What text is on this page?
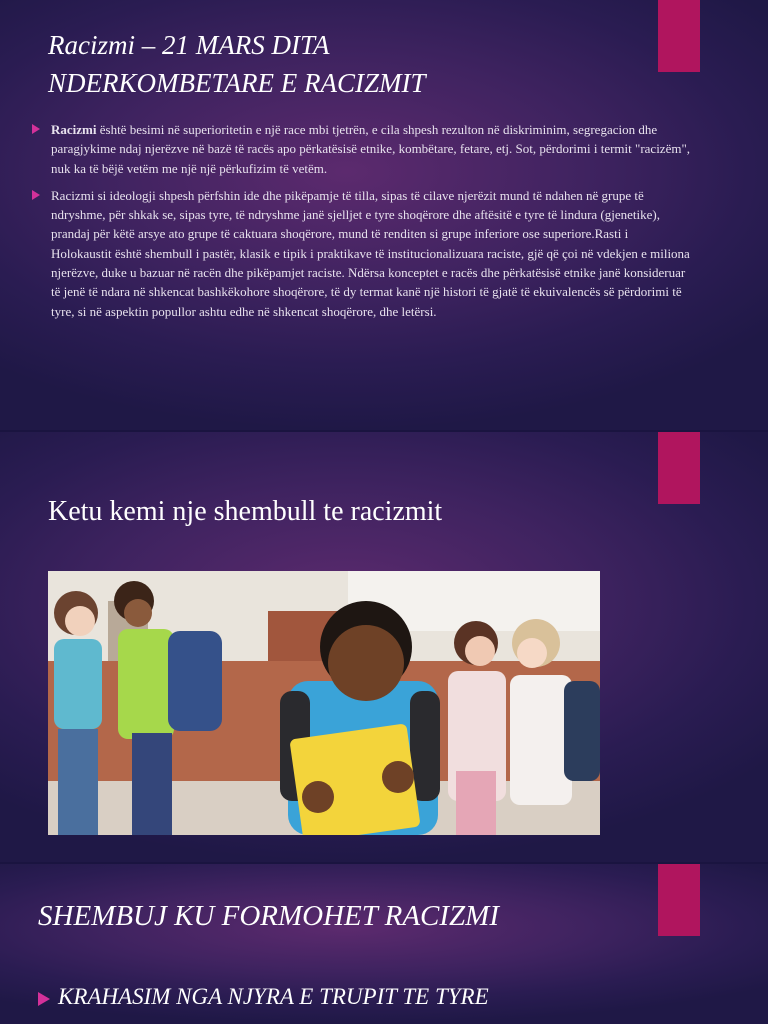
Racizmi – 21 MARS DITA
NDERKOMBETARE E RACIZMIT
Racizmi është besimi në superioritetin e një race mbi tjetrën, e cila shpesh rezulton në diskriminim, segregacion dhe paragjykime ndaj njerëzve në bazë të racës apo përkatësisë etnike, kombëtare, fetare, etj. Sot, përdorimi i termit "racizëm", nuk ka të bëjë vetëm me një një përkufizim të vetëm.
Racizmi si ideologji shpesh përfshin ide dhe pikëpamje të tilla, sipas të cilave njerëzit mund të ndahen në grupe të ndryshme, për shkak se, sipas tyre, të ndryshme janë sjelljet e tyre shoqërore dhe aftësitë e tyre të lindura (gjenetike), prandaj për këtë arsye ato grupe të caktuara shoqërore, mund të renditen si grupe inferiore ose superiore.Rasti i Holokaustit është shembull i pastër, klasik e tipik i praktikave të institucionalizuara raciste, gjë që çoi në vdekjen e miliona njerëzve, duke u bazuar në racën dhe pikëpamjet raciste. Ndërsa konceptet e racës dhe përkatësisë etnike janë konsideruar të jenë të ndara në shkencat bashkëkohore shoqërore, të dy termat kanë një histori të gjatë të ekuivalencës së përdorimi të tyre, si në aspektin popullor ashtu edhe në shkencat shoqërore, dhe letërsi.
Ketu kemi nje shembull te racizmit
SHEMBUJ KU FORMOHET RACIZMI
KRAHASIM NGA NJYRA E TRUPIT TE TYRE
